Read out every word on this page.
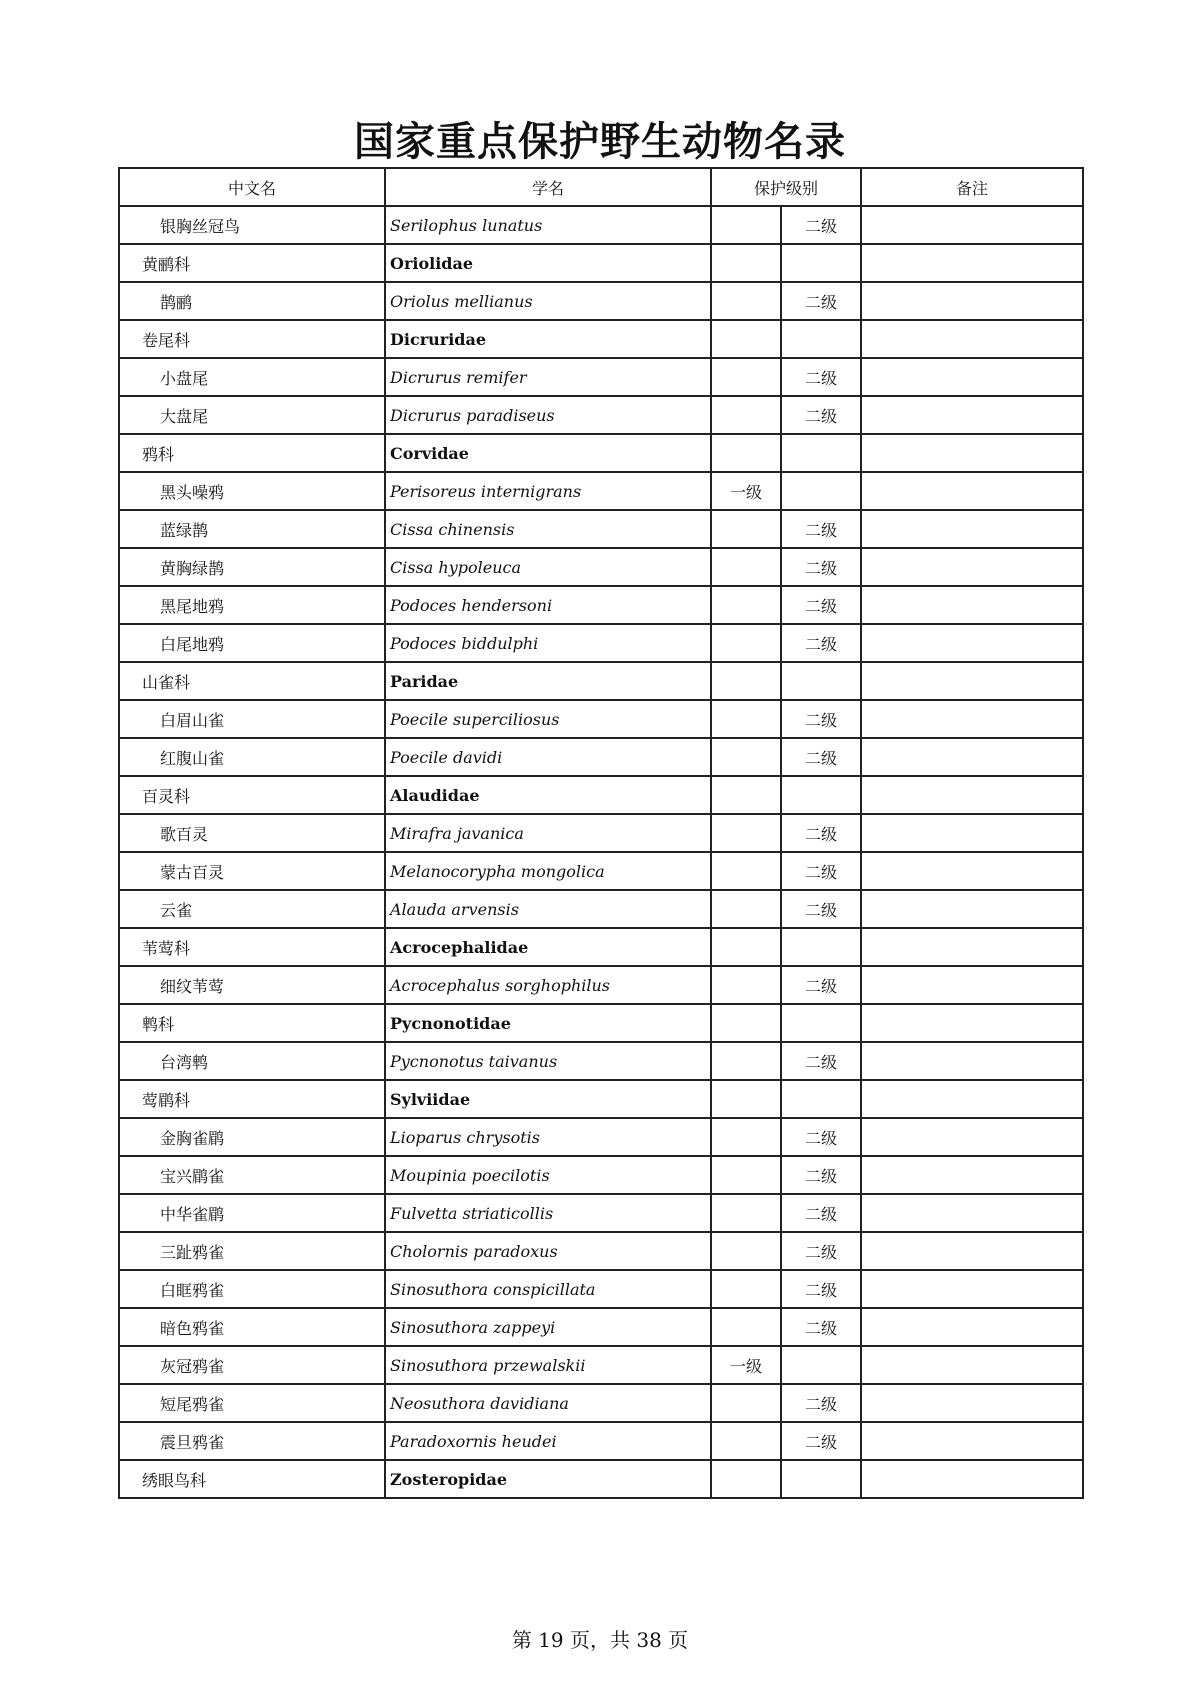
国家重点保护野生动物名录
中文名	学名	保护级别		备注
银胸丝冠鸟	Serilophus lunatus		二级	
黄鹂科	Oriolidae			
鹊鹂	Oriolus mellianus		二级	
卷尾科	Dicruridae			
小盘尾	Dicrurus remifer		二级	
大盘尾	Dicrurus paradiseus		二级	
鸦科	Corvidae			
黑头噪鸦	Perisoreus internigrans	一级		
蓝绿鹊	Cissa chinensis		二级	
黄胸绿鹊	Cissa hypoleuca		二级	
黑尾地鸦	Podoces hendersoni		二级	
白尾地鸦	Podoces biddulphi		二级	
山雀科	Paridae			
白眉山雀	Poecile superciliosus		二级	
红腹山雀	Poecile davidi		二级	
百灵科	Alaudidae			
歌百灵	Mirafra javanica		二级	
蒙古百灵	Melanocorypha mongolica		二级	
云雀	Alauda arvensis		二级	
苇莺科	Acrocephalidae			
细纹苇莺	Acrocephalus sorghophilus		二级	
鹎科	Pycnonotidae			
台湾鹎	Pycnonotus taivanus		二级	
莺鹛科	Sylviidae			
金胸雀鹛	Lioparus chrysotis		二级	
宝兴鹛雀	Moupinia poecilotis		二级	
中华雀鹛	Fulvetta striaticollis		二级	
三趾鸦雀	Cholornis paradoxus		二级	
白眶鸦雀	Sinosuthora conspicillata		二级	
暗色鸦雀	Sinosuthora zappeyi		二级	
灰冠鸦雀	Sinosuthora przewalskii	一级		
短尾鸦雀	Neosuthora davidiana		二级	
震旦鸦雀	Paradoxornis heudei		二级	
绣眼鸟科	Zosteropidae			
第 19 页，共 38 页
